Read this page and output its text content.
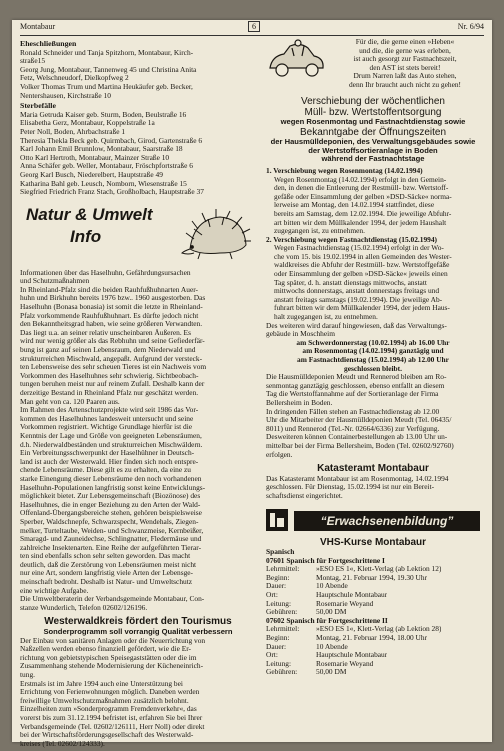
Montabaur	6	Nr. 6/94
Eheschließungen
Ronald Schneider und Tanja Spitzhorn, Montabaur, Kirch-
straße15
Georg Jung, Montabaur, Tannenweg 45 und Christina Anita
Fetz, Welschneudorf, Dielkopfweg 2
Volker Thomas Trum und Martina Heukäufer geb. Becker,
Nentershausen, Kirchstraße 10
Sterbefälle
Maria Getruda Kaiser geb. Sturm, Boden, Beulstraße 16
Elisabetha Gerz, Montabaur, Koppelstraße 1a
Peter Noll, Boden, Ahrbachstraße 1
Theresia Thekla Beck geb. Quirmbach, Girod, Gartenstraße 6
Karl Johann Emil Brunnlow, Montabaur, Saarstraße 18
Otto Karl Hertroth, Montabaur, Mainzer Straße 10
Anna Schäfer geb. Weller, Montabaur, Fröschpfortstraße 6
Georg Karl Busch, Niederelbert, Hauptstraße 49
Katharina Bahl geb. Leusch, Nomborn, Wiesenstraße 15
Siegfried Friedrich Franz Stach, Großholbach, Hauptstraße 37
Natur & Umwelt
Info
Informationen über das Haselhuhn, Gefährdungsursachen
und Schutzmaßnahmen
In Rheinland-Pfalz sind die beiden Rauhfußhuhnarten Auer-
huhn und Birkhuhn bereits 1976 bzw.. 1960 ausgestorben. Das
Haselhuhn (Bonasa bonasia) ist somit die letzte in Rheinland-
Pfalz vorkommende Rauhfußhuhnart. Es dürfte jedoch nicht
den Bekanntheitsgrad haben, wie seine größeren Verwandten.
Das liegt u.a. an seiner relativ unscheinbaren Äußeren. Es
wird nur wenig größer als das Rebhuhn und seine Gefiederfär-
bung ist ganz auf seinen Lebensraum, dem Niederwald und
strukturreichen Mischwald, angepaßt. Aufgrund der versteck-
ten Lebensweise des sehr scheuen Tieres ist ein Nachweis vom
Vorkommen des Haselhuhnes sehr schwierig. Sichtbeobach-
tungen beruhen meist nur auf reinem Zufall. Deshalb kann der
derzeitige Bestand in Rheinland Pfalz nur geschätzt werden.
Man geht von ca. 120 Paaren aus.
Im Rahmen des Artenschutzprojekte wird seit 1986 das Vor-
kommen des Haselhuhnes landesweit untersucht und seine
Vorkommen registriert. Wichtige Grundlage hierfür ist die
Kenntnis der Lage und Größe von geeigneten Lebensräumen,
d.h. Niederwaldbeständen und strukturreichen Mischwäldern.
Ein Verbreitungsschwerpunkt der Haselhühner in Deutsch-
land ist auch der Westerwald. Hier finden sich noch entspre-
chende Lebensräume. Diese gilt es zu erhalten, da eine zu
starke Einengung dieser Lebensräume den noch vorhandenen
Haselhuhn-Populationen langfristig sonst keine Entwicklungs-
möglichkeit bietet. Zur Lebensgemeinschaft (Biozönose) des
Haselhuhnes, die in enger Beziehung zu den Arten der Wald-
Offenland-Übergangsbereiche stehen, gehören beispielsweise
Sperber, Waldschnepfe, Schwarzspecht, Wendehals, Ziegen-
melker, Turteltaube, Weiden- und Schwanzmeise, Kernbeißer,
Smaragd- und Zauneidechse, Schlingnatter, Fledermäuse und
zahlreiche Insektenarten. Eine Reihe der aufgeführten Tierar-
ten sind ebenfalls schon sehr selten geworden. Das macht
deutlich, daß die Zerstörung von Lebensräumen meist nicht
nur eine Art, sondern langfristig viele Arten der Lebensge-
meinschaft bedroht. Deshalb ist Natur- und Umweltschutz
eine wichtige Aufgabe.
Die Umweltberaterin der Verbandsgemeinde Montabaur, Con-
stanze Wunderlich, Telefon 02602/126196.
Westerwaldkreis fördert den Tourismus
Sonderprogramm soll vorrangig Qualität verbessern
Der Einbau von sanitären Anlagen oder die Neuerrichtung von
Naßzellen werden ebenso finanziell gefördert, wie die Er-
richtung von gebietstypischen Speisegaststätten oder die im
Zusammenhang stehende Modernisierung der Kücheneinrich-
tung.
Erstmals ist im Jahre 1994 auch eine Unterstützung bei
Errichtung von Ferienwohnungen möglich. Daneben werden
freiwillige Umweltschutzmaßnahmen zusätzlich belohnt.
Einzelheiten zum »Sonderprogramm Fremdenverkehr«, das
vorerst bis zum 31.12.1994 befristet ist, erfahren Sie bei Ihrer
Verbandsgemeinde (Tel. 02602/126111, Herr Noll) oder direkt
bei der Wirtschaftsförderungsgesellschaft des Westerwald-
kreises (Tel. 02602/124333).
Für die, die gerne einen »Heben«
und die, die gerne was erleben,
ist auch gesorgt zur Fastnachtszeit,
den AST ist stets bereit!
Drum Narren laßt das Auto stehen,
denn Ihr braucht auch nicht zu gehen!
Verschiebung der wöchentlichen
Müll- bzw. Wertstoffentsorgung
wegen Rosenmontag und Fastnachtdienstag sowie
Bekanntgabe der Öffnungszeiten
der Hausmülldeponien, des Verwaltungsgebäudes sowie
der Wertstoffsortieranlage in Boden
während der Fastnachtstage
1. Verschiebung wegen Rosenmontag (14.02.1994)
Wegen Rosenmontag (14.02.1994) erfolgt in den Gemein-
den, in denen die Entleerung der Restmüll- bzw. Wertstoff-
gefäße oder Einsammlung der gelben »DSD-Säcke« norma-
lerweise am Montag, den 14.02.1994 stattfindet, diese
bereits am Samstag, dem 12.02.1994. Die jeweilige Abfuhr-
art bitten wir dem Müllkalender 1994, der jedem Haushalt
zugegangen ist, zu entnehmen.
2. Verschiebung wegen Fastnachtdienstag (15.02.1994)
Wegen Fastnachtdienstag (15.02.1994) erfolgt in der Wo-
che vom 15. bis 19.02.1994 in allen Gemeinden des Wester-
waldkreises die Abfuhr der Restmüll- bzw. Wertstoffgefäße
oder Einsammlung der gelben »DSD-Säcke« jeweils einen
Tag später, d. h. anstatt dienstags mittwochs, anstatt
mittwochs donnerstags, anstatt donnerstags freitags und
anstatt freitags samstags (19.02.1994). Die jeweilige Ab-
fuhrart bitten wir dem Müllkalender 1994, der jedem Haus-
halt zugegangen ist, zu entnehmen.
Des weiteren wird darauf hingewiesen, daß das Verwaltungs-
gebäude in Moschheim
am Schwerdonnerstag (10.02.1994) ab 16.00 Uhr
am Rosenmontag (14.02.1994) ganztägig und
am Fastnachtdienstag (15.02.1994) ab 12.00 Uhr
geschlossen bleibt.
Die Hausmülldeponien Meudt und Rennerod bleiben am Ro-
senmontag ganztägig geschlossen, ebenso entfallt an diesem
Tag die Wertstoffannahme auf der Sortieranlage der Firma
Bellersheim in Boden.
In dringenden Fällen stehen an Fastnachtdienstag ab 12.00
Uhr die Mitarbeiter der Hausmülldeponien Meudt (Tel. 06435/
8011) und Rennerod (Tel.-Nr. 02664/6336) zur Verfügung.
Desweiteren können Containerbestellungen ab 13.00 Uhr un-
mittelbar bei der Firma Bellersheim, Boden (Tel. 02602/92760)
erfolgen.
Katasteramt Montabaur
Das Katasteramt Montabaur ist am Rosenmontag, 14.02.1994
geschlossen. Für Dienstag, 15.02.1994 ist nur ein Bereit-
schaftsdienst eingerichtet.
“Erwachsenenbildung”
VHS-Kurse Montabaur
Spanisch
07601 Spanisch für Fortgeschrittene I
Lehrmittel:	»ESO ES 1«, Klett-Verlag (ab Lektion 12)
Beginn:	Montag, 21. Februar 1994, 19.30 Uhr
Dauer:	10 Abende
Ort:	Hauptschule Montabaur
Leitung:	Rosemarie Weyand
Gebühren:	50,00 DM
07602 Spanisch für Fortgeschrittene II
Lehrmittel:	»ESO ES 1«, Klett-Verlag (ab Lektion 28)
Beginn:	Montag, 21. Februar 1994, 18.00 Uhr
Dauer:	10 Abende
Ort:	Hauptschule Montabaur
Leitung:	Rosemarie Weyand
Gebühren:	50,00 DM
